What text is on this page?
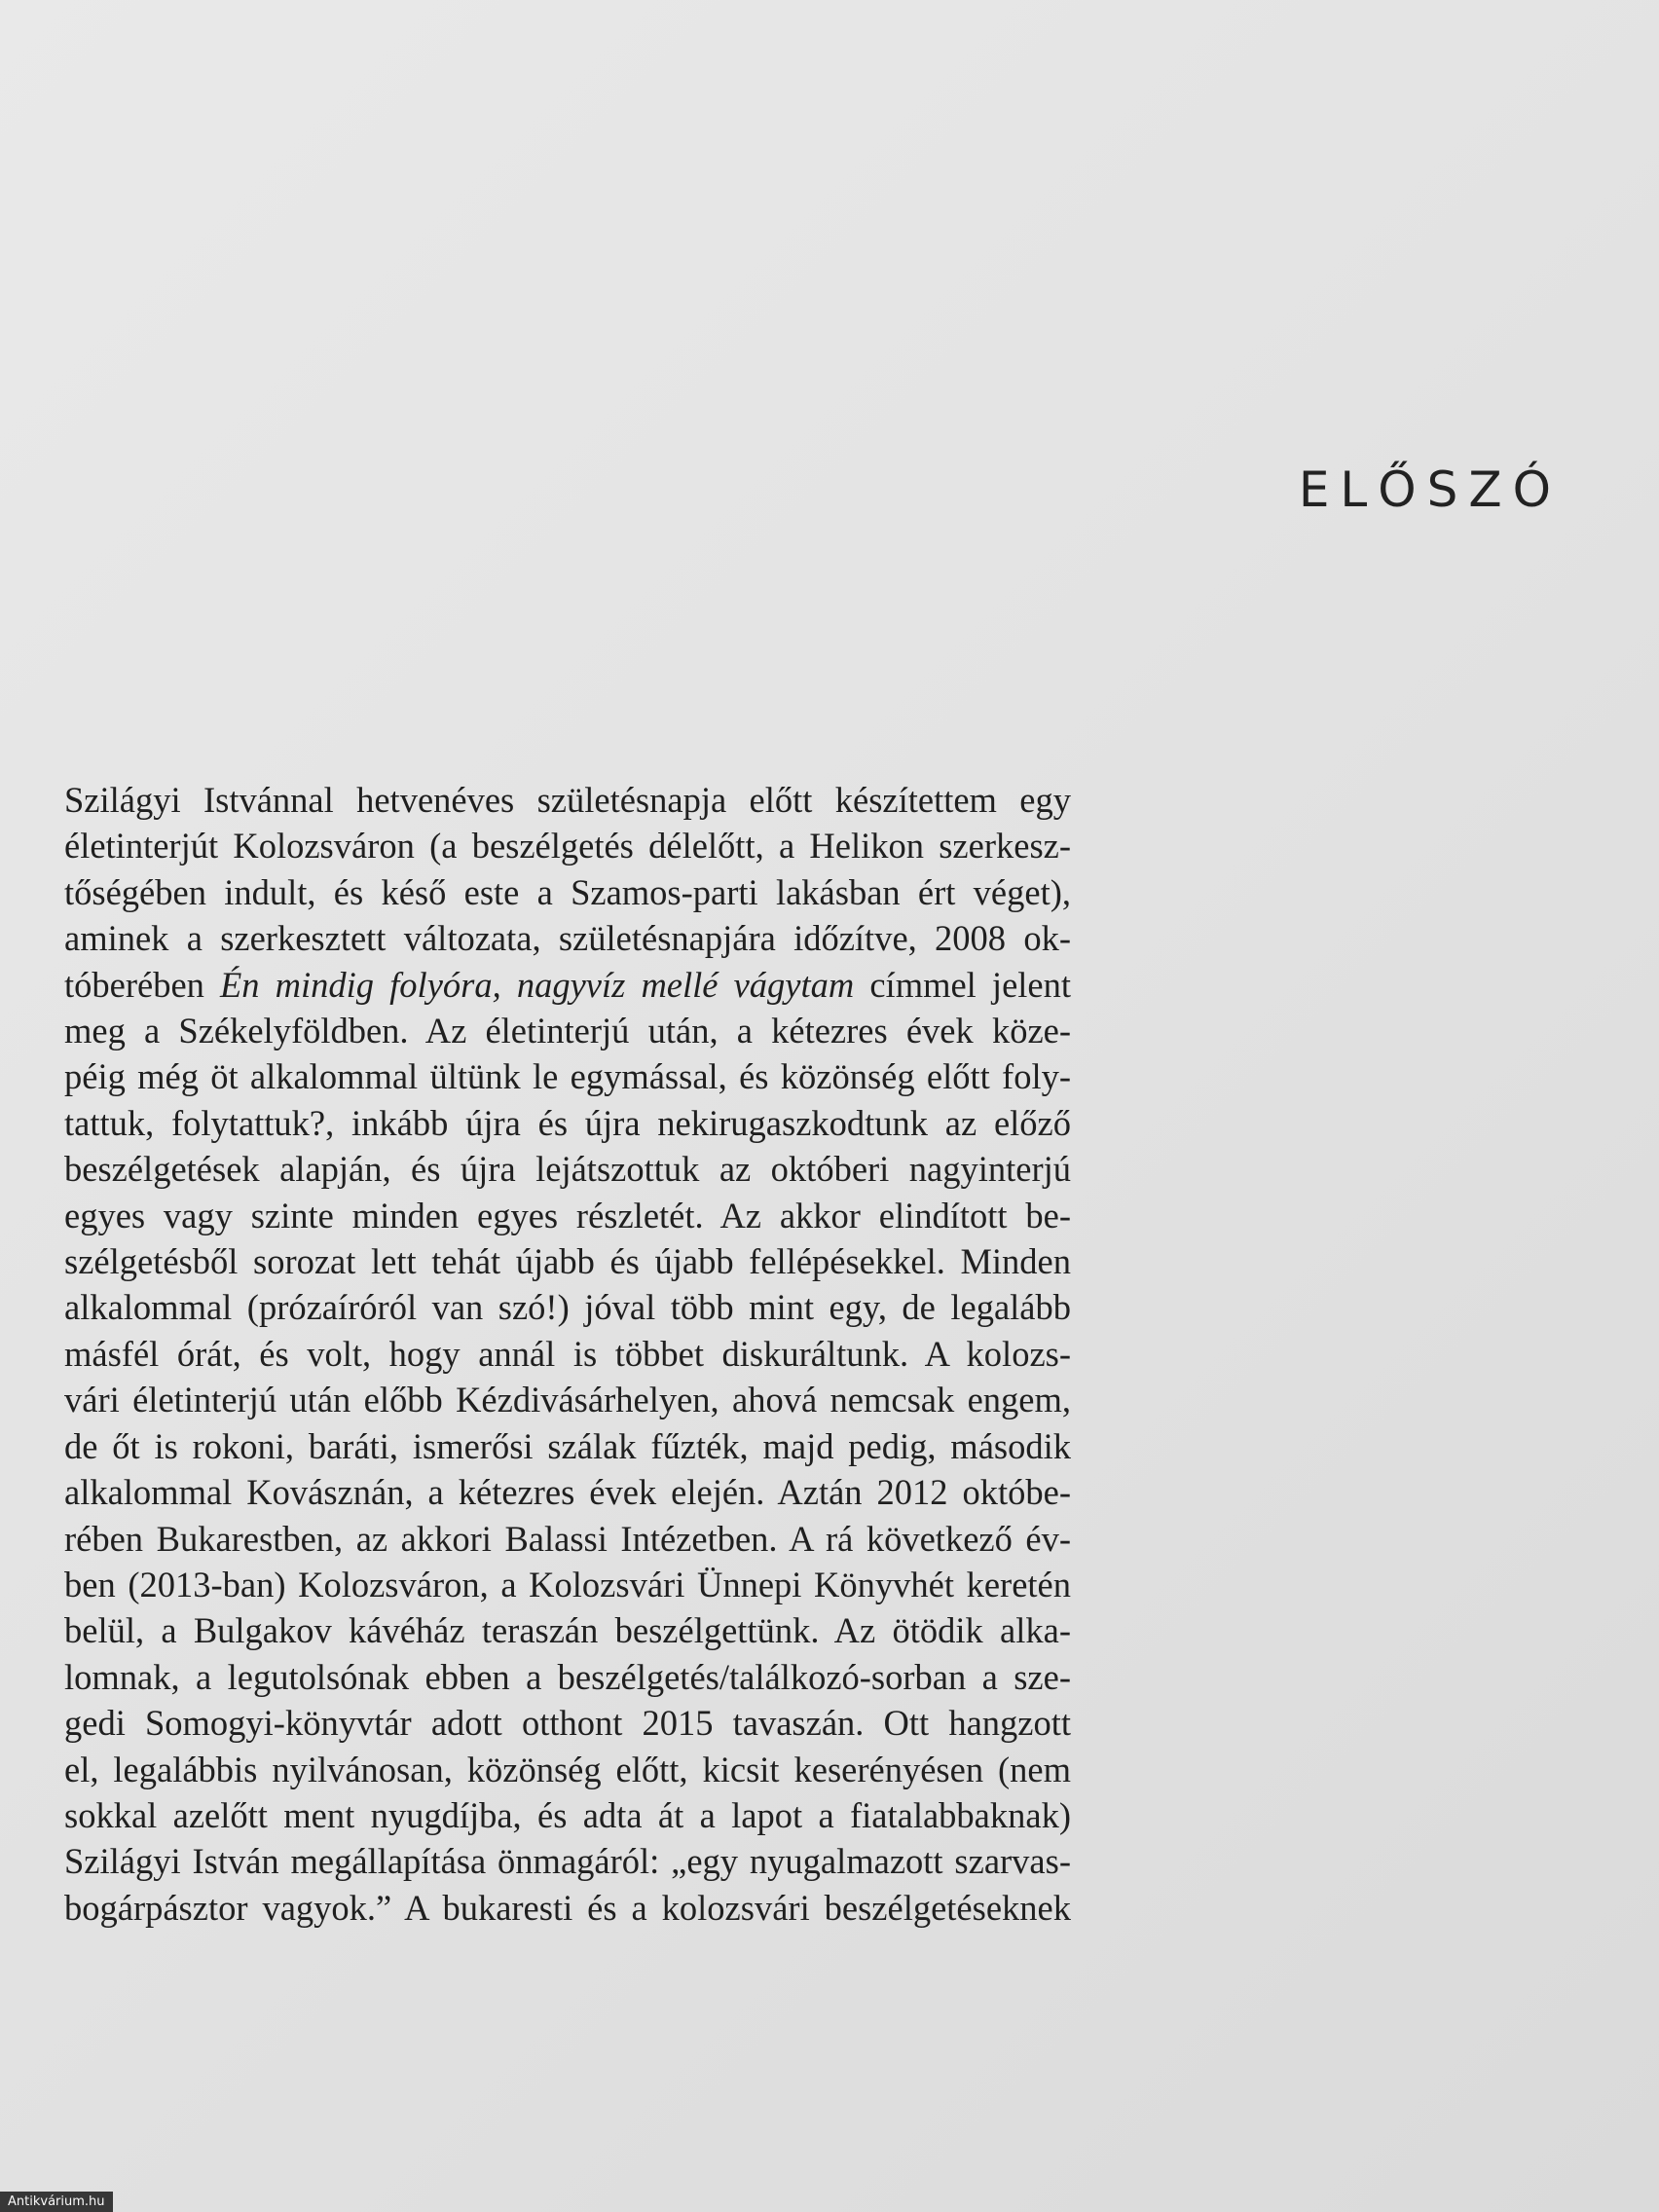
ELŐSZÓ
Szilágyi Istvánnal hetvenéves születésnapja előtt készítettem egy
életinterjút Kolozsváron (a beszélgetés délelőtt, a Helikon szerkesz-
tőségében indult, és késő este a Szamos-parti lakásban ért véget),
aminek a szerkesztett változata, születésnapjára időzítve, 2008 ok-
tóberében Én mindig folyóra, nagyvíz mellé vágytam címmel jelent
meg a Székelyföldben. Az életinterjú után, a kétezres évek köze-
péig még öt alkalommal ültünk le egymással, és közönség előtt foly-
tattuk, folytattuk?, inkább újra és újra nekirugaszkodtunk az előző
beszélgetések alapján, és újra lejátszottuk az októberi nagyinterjú
egyes vagy szinte minden egyes részletét. Az akkor elindított be-
szélgetésből sorozat lett tehát újabb és újabb fellépésekkel. Minden
alkalommal (prózaíróról van szó!) jóval több mint egy, de legalább
másfél órát, és volt, hogy annál is többet diskuráltunk. A kolozs-
vári életinterjú után előbb Kézdivásárhelyen, ahová nemcsak engem,
de őt is rokoni, baráti, ismerősi szálak fűzték, majd pedig, második
alkalommal Kovásznán, a kétezres évek elején. Aztán 2012 októbe-
rében Bukarestben, az akkori Balassi Intézetben. A rá következő év-
ben (2013-ban) Kolozsváron, a Kolozsvári Ünnepi Könyvhét keretén
belül, a Bulgakov kávéház teraszán beszélgettünk. Az ötödik alka-
lomnak, a legutolsónak ebben a beszélgetés/találkozó-sorban a sze-
gedi Somogyi-könyvtár adott otthont 2015 tavaszán. Ott hangzott
el, legalábbis nyilvánosan, közönség előtt, kicsit keserényésen (nem
sokkal azelőtt ment nyugdíjba, és adta át a lapot a fiatalabbaknak)
Szilágyi István megállapítása önmagáról: „egy nyugalmazott szarvas-
bogárpásztor vagyok.” A bukaresti és a kolozsvári beszélgetéseknek
Antikvárium.hu
